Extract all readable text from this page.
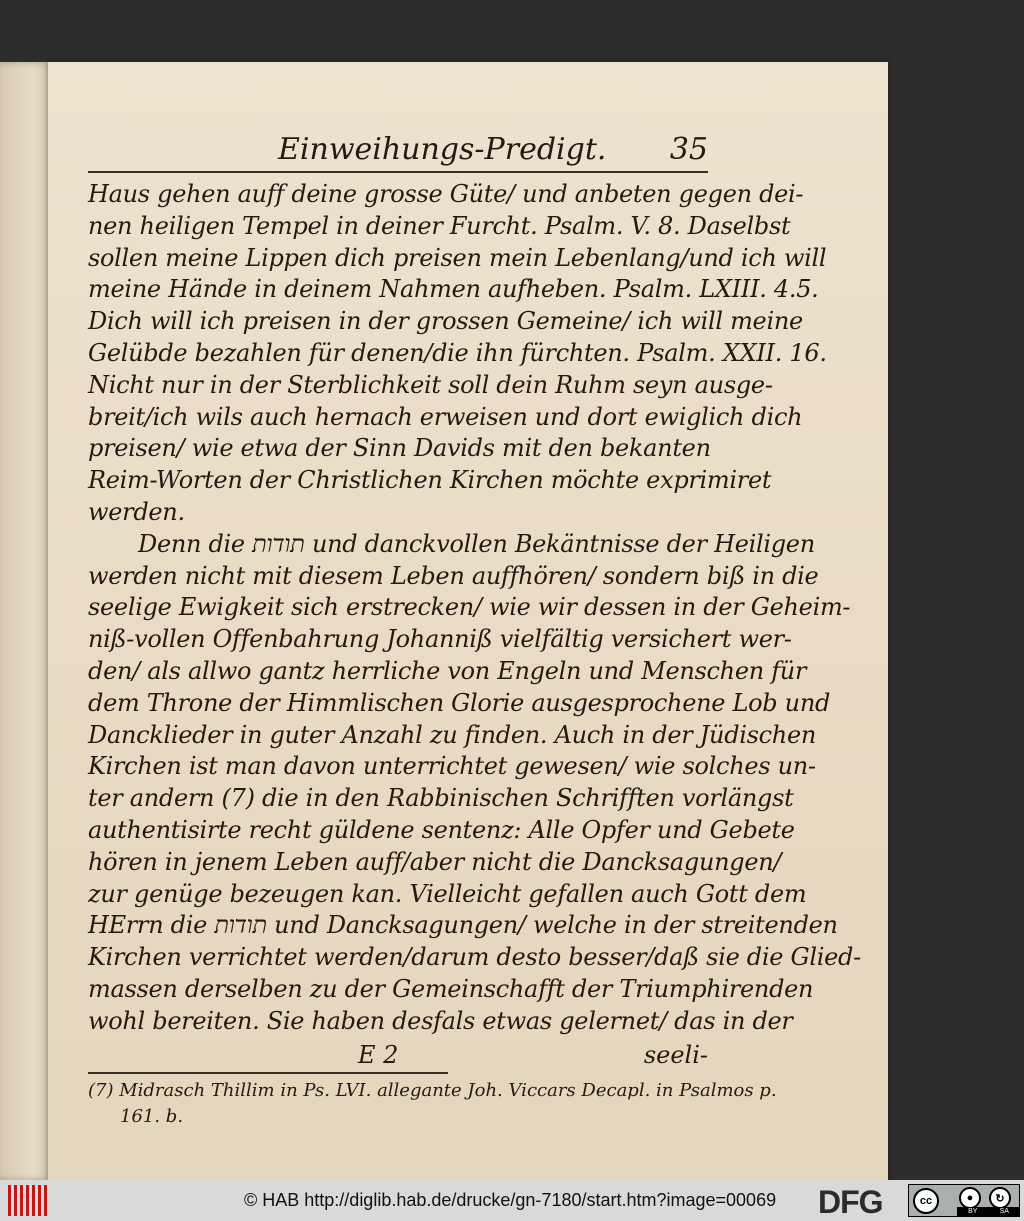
Einweihungs-Predigt. 35
Haus gehen auff deine grosse Güte/ und anbeten gegen dei-
nen heiligen Tempel in deiner Furcht. Psalm. V. 8. Daselbst
sollen meine Lippen dich preisen mein Lebenlang/und ich will
meine Hände in deinem Nahmen aufheben. Psalm. LXIII. 4.5.
Dich will ich preisen in der grossen Gemeine/ ich will meine
Gelübde bezahlen für denen/die ihn fürchten. Psalm. XXII. 16.
Nicht nur in der Sterblichkeit soll dein Ruhm seyn ausge-
breit/ich wils auch hernach erweisen und dort ewiglich dich
preisen/ wie etwa der Sinn Davids mit den bekanten
Reim-Worten der Christlichen Kirchen möchte exprimiret
werden.
Denn die תודות und danckvollen Bekäntnisse der Heiligen
werden nicht mit diesem Leben auffhören/ sondern biß in die
seelige Ewigkeit sich erstrecken/ wie wir dessen in der Geheim-
niß-vollen Offenbahrung Johanniß vielfältig versichert wer-
den/ als allwo gantz herrliche von Engeln und Menschen für
dem Throne der Himmlischen Glorie ausgesprochene Lob und
Dancklieder in guter Anzahl zu finden. Auch in der Jüdischen
Kirchen ist man davon unterrichtet gewesen/ wie solches un-
ter andern (7) die in den Rabbinischen Schrifften vorlängst
authentisirte recht güldene sentenz: Alle Opfer und Gebete
hören in jenem Leben auff/aber nicht die Dancksagungen/
zur genüge bezeugen kan. Vielleicht gefallen auch Gott dem
HErrn die תודות und Dancksagungen/ welche in der streitenden
Kirchen verrichtet werden/darum desto besser/daß sie die Glied-
massen derselben zu der Gemeinschafft der Triumphirenden
wohl bereiten. Sie haben desfals etwas gelernet/ das in der
E 2	seeli-
(7) Midrasch Thillim in Ps. LVI. allegante Joh. Viccars Decapl. in Psalmos p.
161. b.
© HAB http://diglib.hab.de/drucke/gn-7180/start.htm?image=00069 DFG	cc	●	↻
BY	SA
